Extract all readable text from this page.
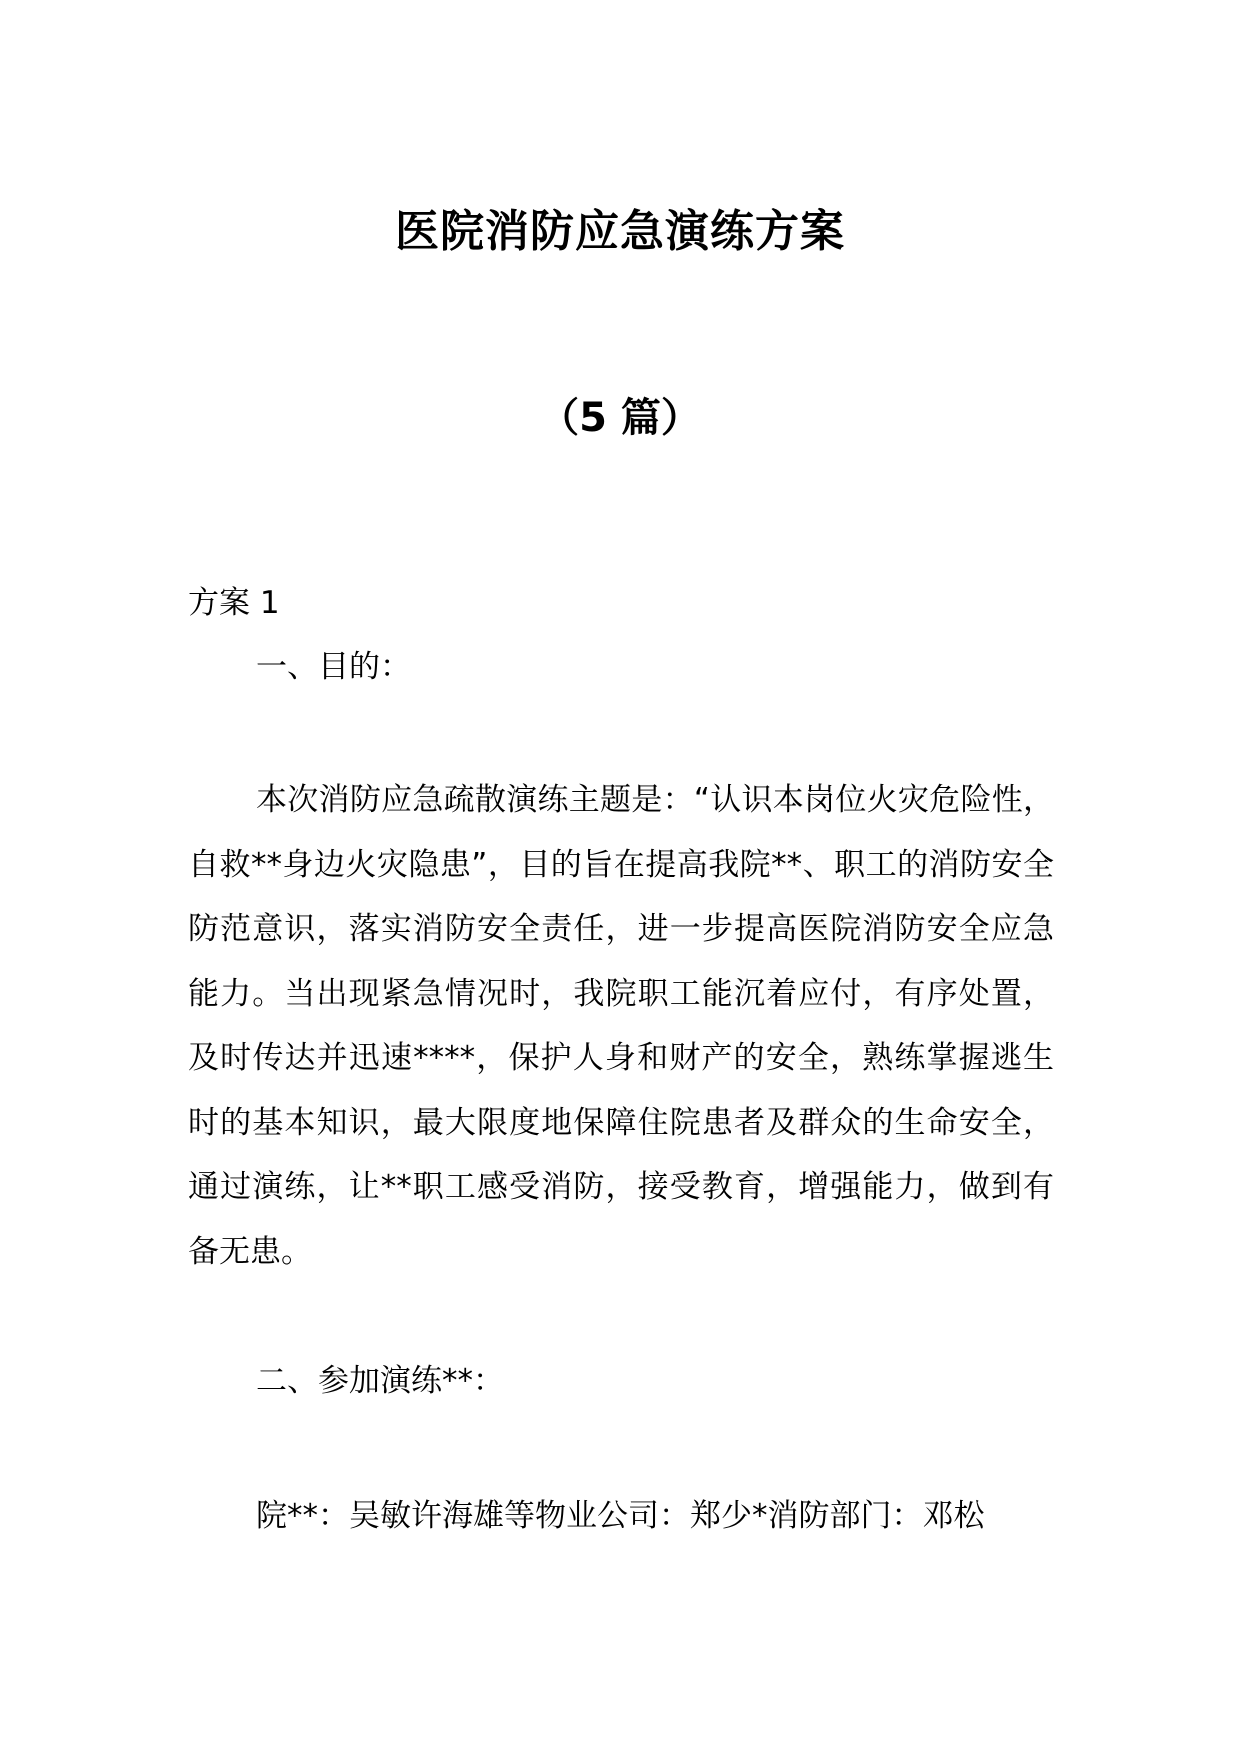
医院消防应急演练方案
（5 篇）
方案 1
一、目的：

本次消防应急疏散演练主题是：“认识本岗位火灾危险性，自救**身边火灾隐患”，目的旨在提高我院**、职工的消防安全防范意识，落实消防安全责任，进一步提高医院消防安全应急能力。当出现紧急情况时，我院职工能沉着应付，有序处置，及时传达并迅速****，保护人身和财产的安全，熟练掌握逃生时的基本知识，最大限度地保障住院患者及群众的生命安全，通过演练，让**职工感受消防，接受教育，增强能力，做到有备无患。

二、参加演练**：

院**：吴敏许海雄等物业公司：郑少*消防部门：邓松
